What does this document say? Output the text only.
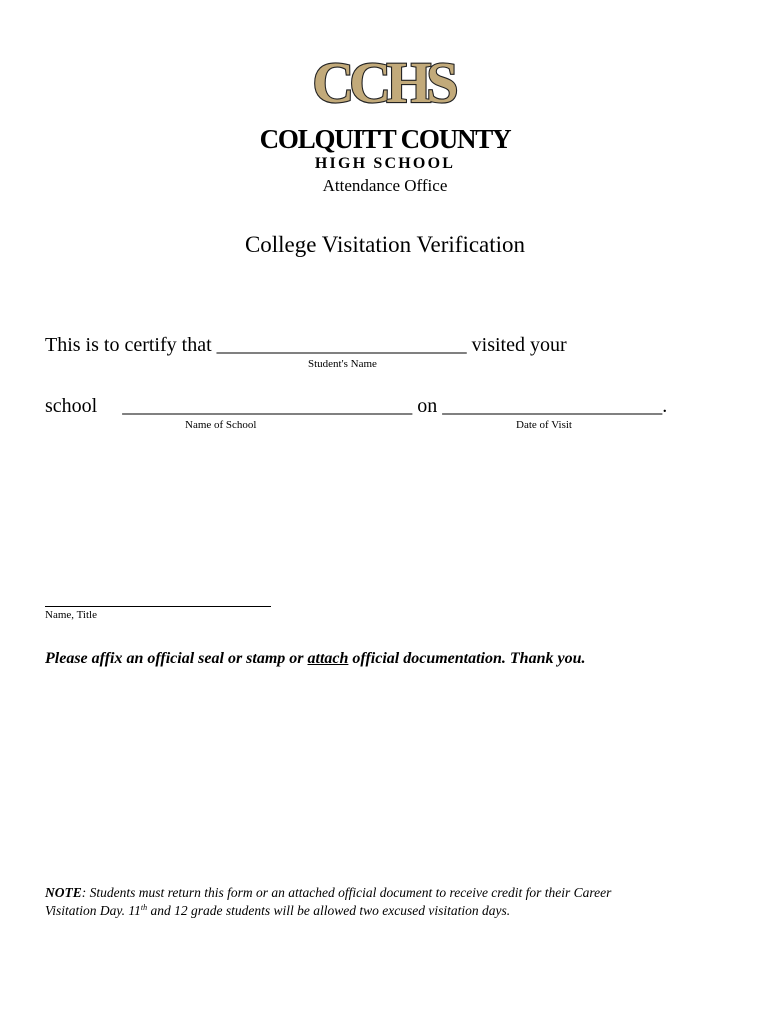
CCHS
COLQUITT COUNTY
HIGH SCHOOL
Attendance Office
College Visitation Verification
This is to certify that _________________________ visited your
Student's Name
school _____________________________ on ______________________.
Name of School	Date of Visit
Name, Title
Please affix an official seal or stamp or attach official documentation. Thank you.
NOTE: Students must return this form or an attached official document to receive credit for their Career
Visitation Day. 11th and 12 grade students will be allowed two excused visitation days.
